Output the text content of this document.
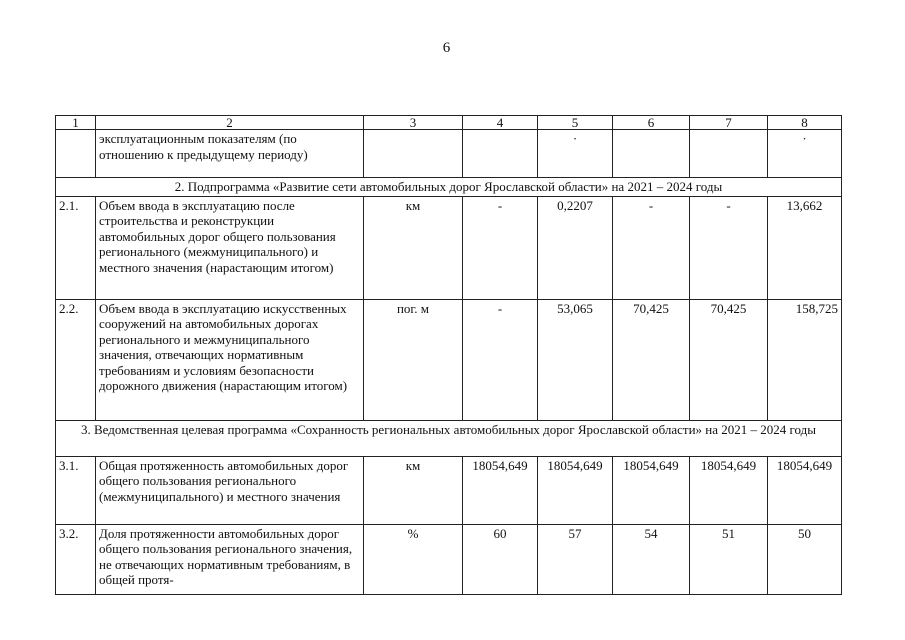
6
1	2	3	4	5	6	7	8
	эксплуатационным показателям (по отношению к предыдущему периоду)			·			·
2. Подпрограмма «Развитие сети автомобильных дорог Ярославской области» на 2021 – 2024 годы							
2.1.	Объем ввода в эксплуатацию после строительства и реконструкции автомобильных дорог общего пользования регионального (межмуниципального) и местного значения (нарастающим итогом)	км	-	0,2207	-	-	13,662
2.2.	Объем ввода в эксплуатацию искусственных сооружений на автомобильных дорогах регионального и межмуниципального значения, отвечающих нормативным требованиям и условиям безопасности дорожного движения (нарастающим итогом)	пог. м	-	53,065	70,425	70,425	158,725
3. Ведомственная целевая программа «Сохранность региональных автомобильных дорог Ярославской области» на 2021 – 2024 годы							
3.1.	Общая протяженность автомобильных дорог общего пользования регионального (межмуниципального) и местного значения	км	18054,649	18054,649	18054,649	18054,649	18054,649
3.2.	Доля протяженности автомобильных дорог общего пользования регионального значения, не отвечающих нормативным требованиям, в общей протя-	%	60	57	54	51	50
